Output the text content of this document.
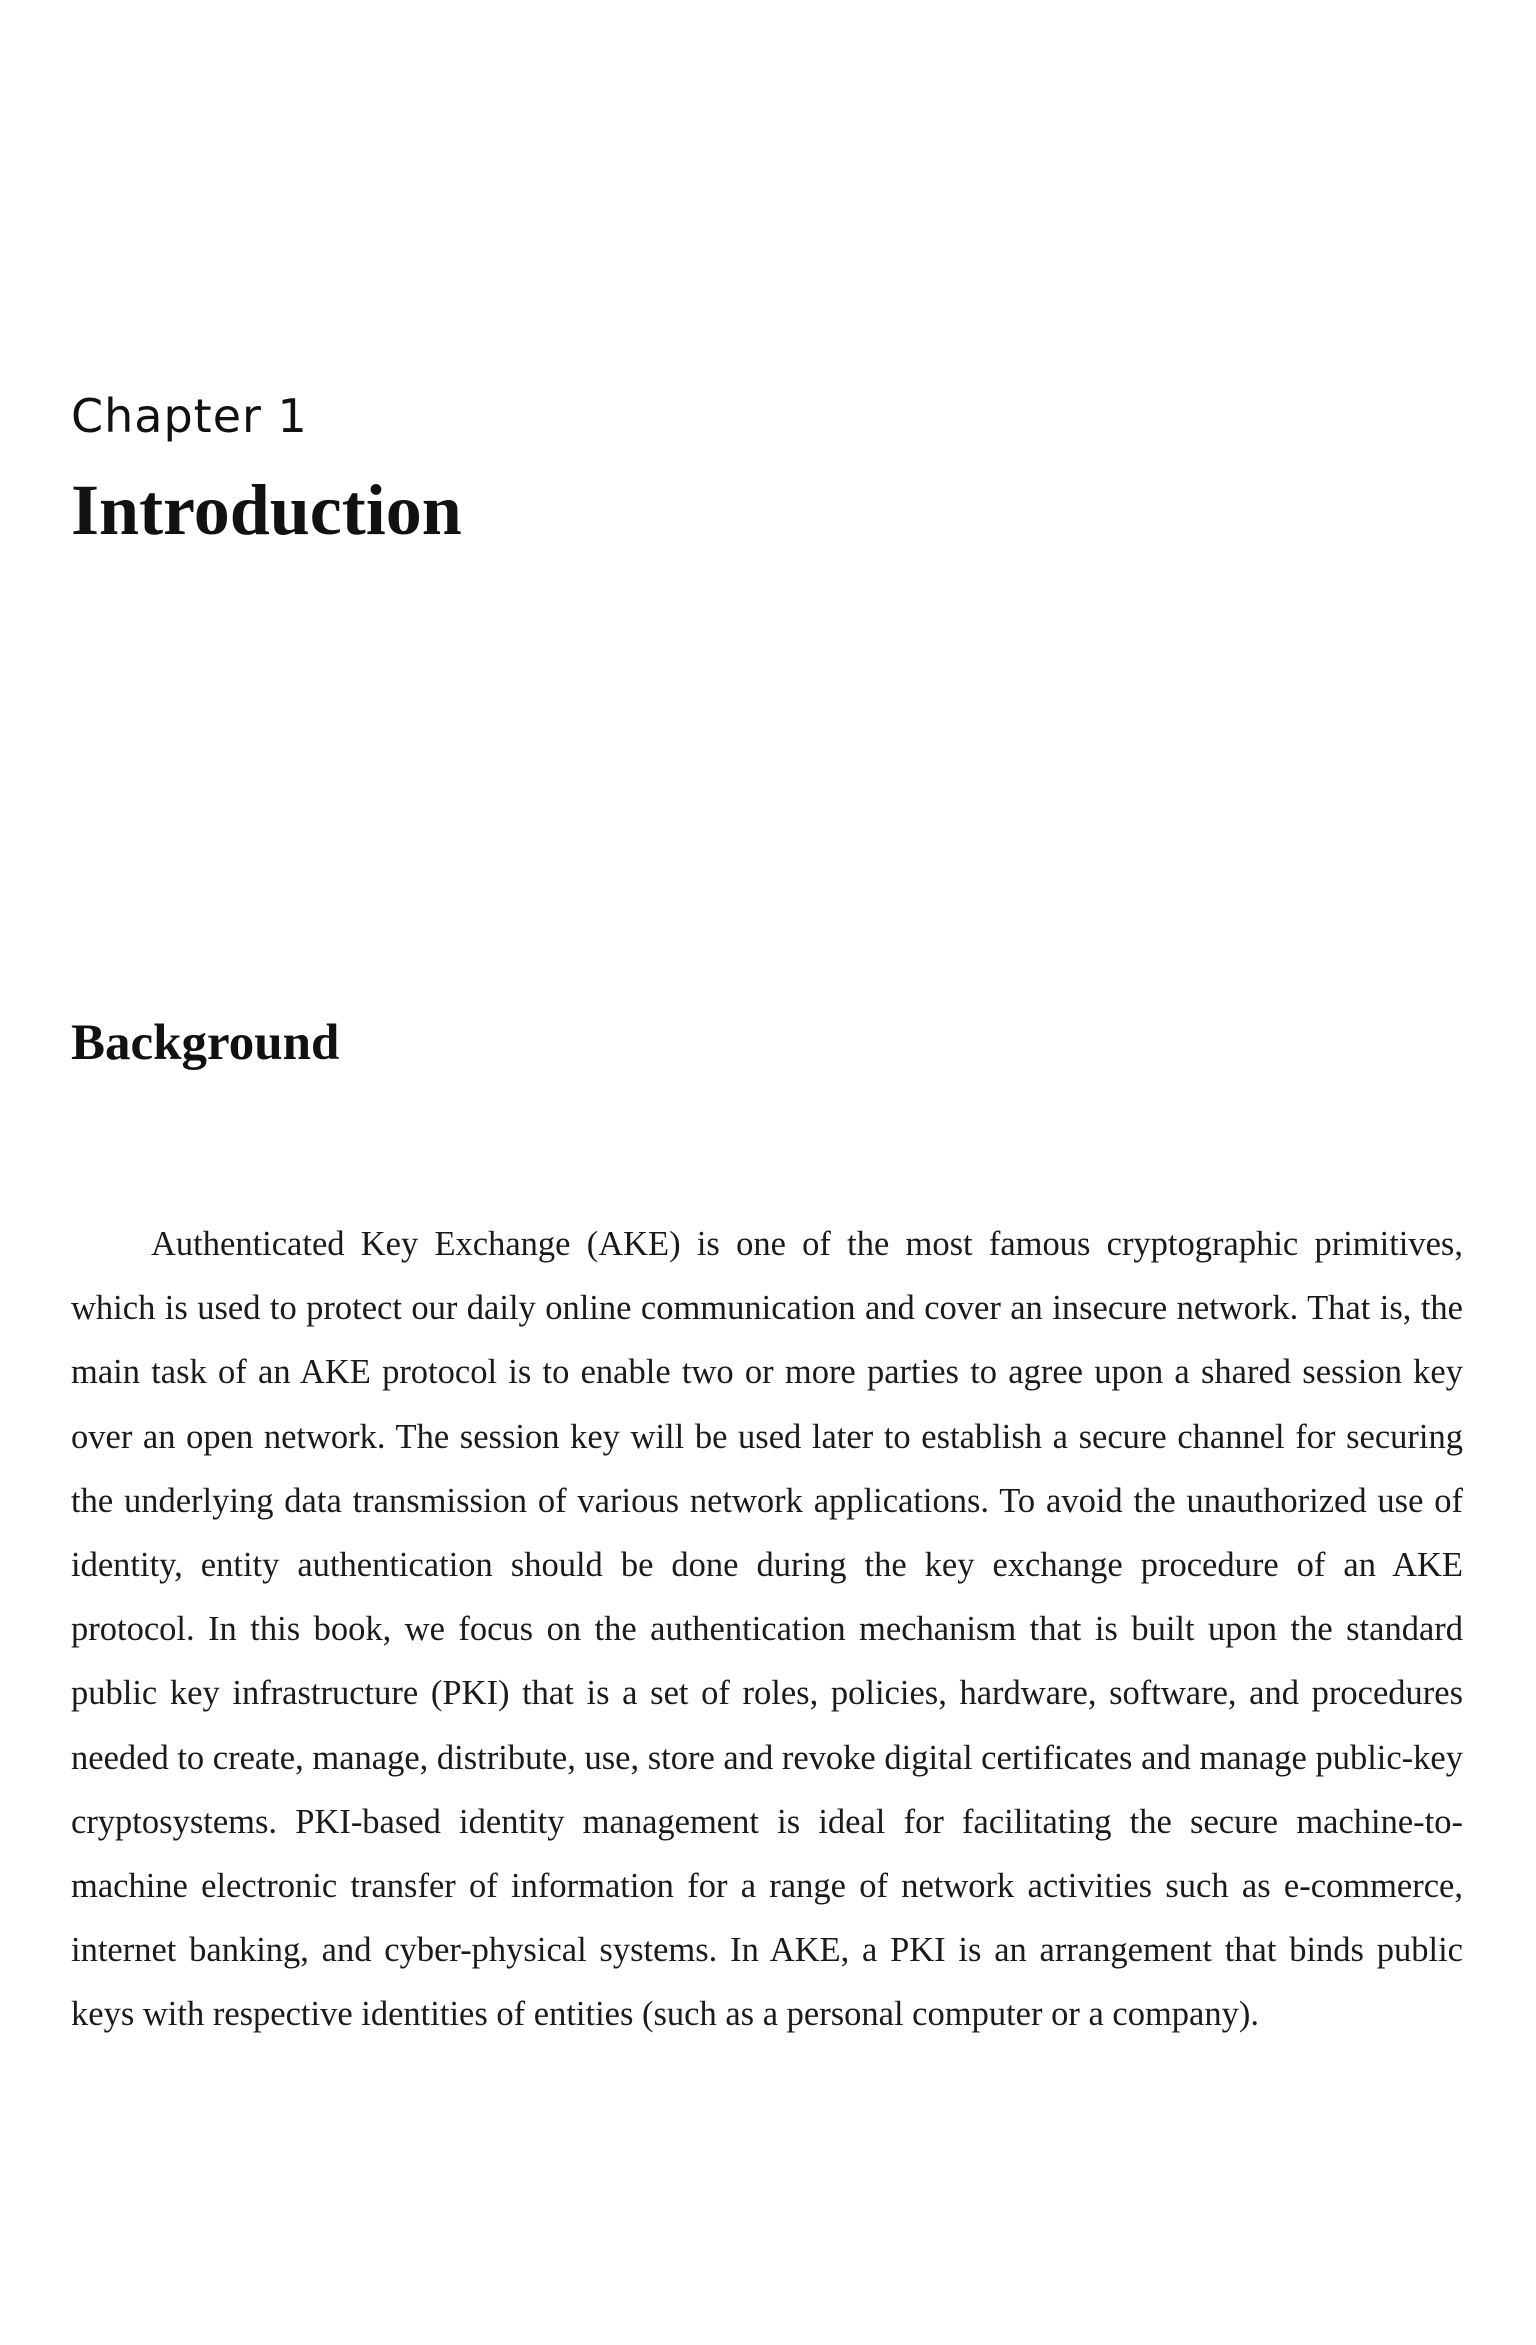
Chapter 1

Introduction
Background

Authenticated Key Exchange (AKE) is one of the most famous cryptographic primitives, which is used to protect our daily online communication and cover an insecure network. That is, the main task of an AKE protocol is to enable two or more parties to agree upon a shared session key over an open network. The session key will be used later to establish a secure channel for securing the underlying data transmission of various network applications. To avoid the unauthorized use of identity, entity authentication should be done during the key exchange procedure of an AKE protocol. In this book, we focus on the authentication mechanism that is built upon the standard public key infrastructure (PKI) that is a set of roles, policies, hardware, software, and procedures needed to create, manage, distribute, use, store and revoke digital certificates and manage public-key cryptosystems. PKI-based identity management is ideal for facilitating the secure machine-to-machine electronic transfer of information for a range of network activities such as e-commerce, internet banking, and cyber-physical systems. In AKE, a PKI is an arrangement that binds public keys with respective identities of entities (such as a personal computer or a company).
